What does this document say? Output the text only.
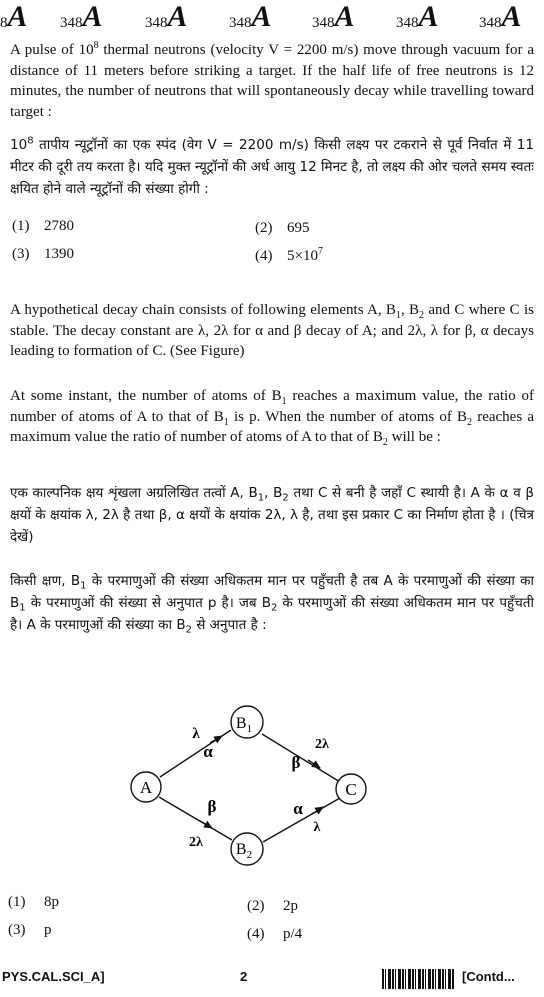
8A 348A	348A	348A	348A	348A	348A
A pulse of $10^8$ thermal neutrons (velocity V = 2200 m/s) move through vacuum for a distance of 11 meters before striking a target. If the half life of free neutrons is 12 minutes, the number of neutrons that will spontaneously decay while travelling toward target :
$10^8$ तापीय न्यूट्रॉनों का एक स्पंद (वेग V = 2200 m/s) किसी लक्ष्य पर टकराने से पूर्व निर्वात में 11 मीटर की दूरी तय करता है। यदि मुक्त न्यूट्रॉनों की अर्ध आयु 12 मिनट है, तो लक्ष्य की ओर चलते समय स्वतः क्षयित होने वाले न्यूट्रॉनों की संख्या होगी :
(1) 2780	(2) 695
(3) 1390	(4) $5\times 10^7$
A hypothetical decay chain consists of following elements A, $B_1$, $B_2$ and C where C is stable. The decay constant are λ, 2λ for α and β decay of A; and 2λ, λ for β, α decays leading to formation of C. (See Figure)
At some instant, the number of atoms of $B_1$ reaches a maximum value, the ratio of number of atoms of A to that of $B_1$ is p. When the number of atoms of $B_2$ reaches a maximum value the ratio of number of atoms of A to that of $B_2$ will be :
एक काल्पनिक क्षय शृंखला अग्रलिखित तत्वों A, $B_1$, $B_2$ तथा C से बनी है जहाँ C स्थायी है। A के α व β क्षयों के क्षयांक λ, 2λ है तथा β, α क्षयों के क्षयांक 2λ, λ है, तथा इस प्रकार C का निर्माण होता है । (चित्र देखें)
किसी क्षण, $B_1$ के परमाणुओं की संख्या अधिकतम मान पर पहुँचती है तब A के परमाणुओं की संख्या का $B_1$ के परमाणुओं की संख्या से अनुपात p है। जब $B_2$ के परमाणुओं की संख्या अधिकतम मान पर पहुँचती है। A के परमाणुओं की संख्या का $B_2$ से अनुपात है :
A
$B_1$
C
$B_2$
λ
α	2λ
β
β
2λ
α
λ
(1) 8p	(2) 2p
(3) p	(4) p/4
PYS.CAL.SCI_A]	2	[Contd...
